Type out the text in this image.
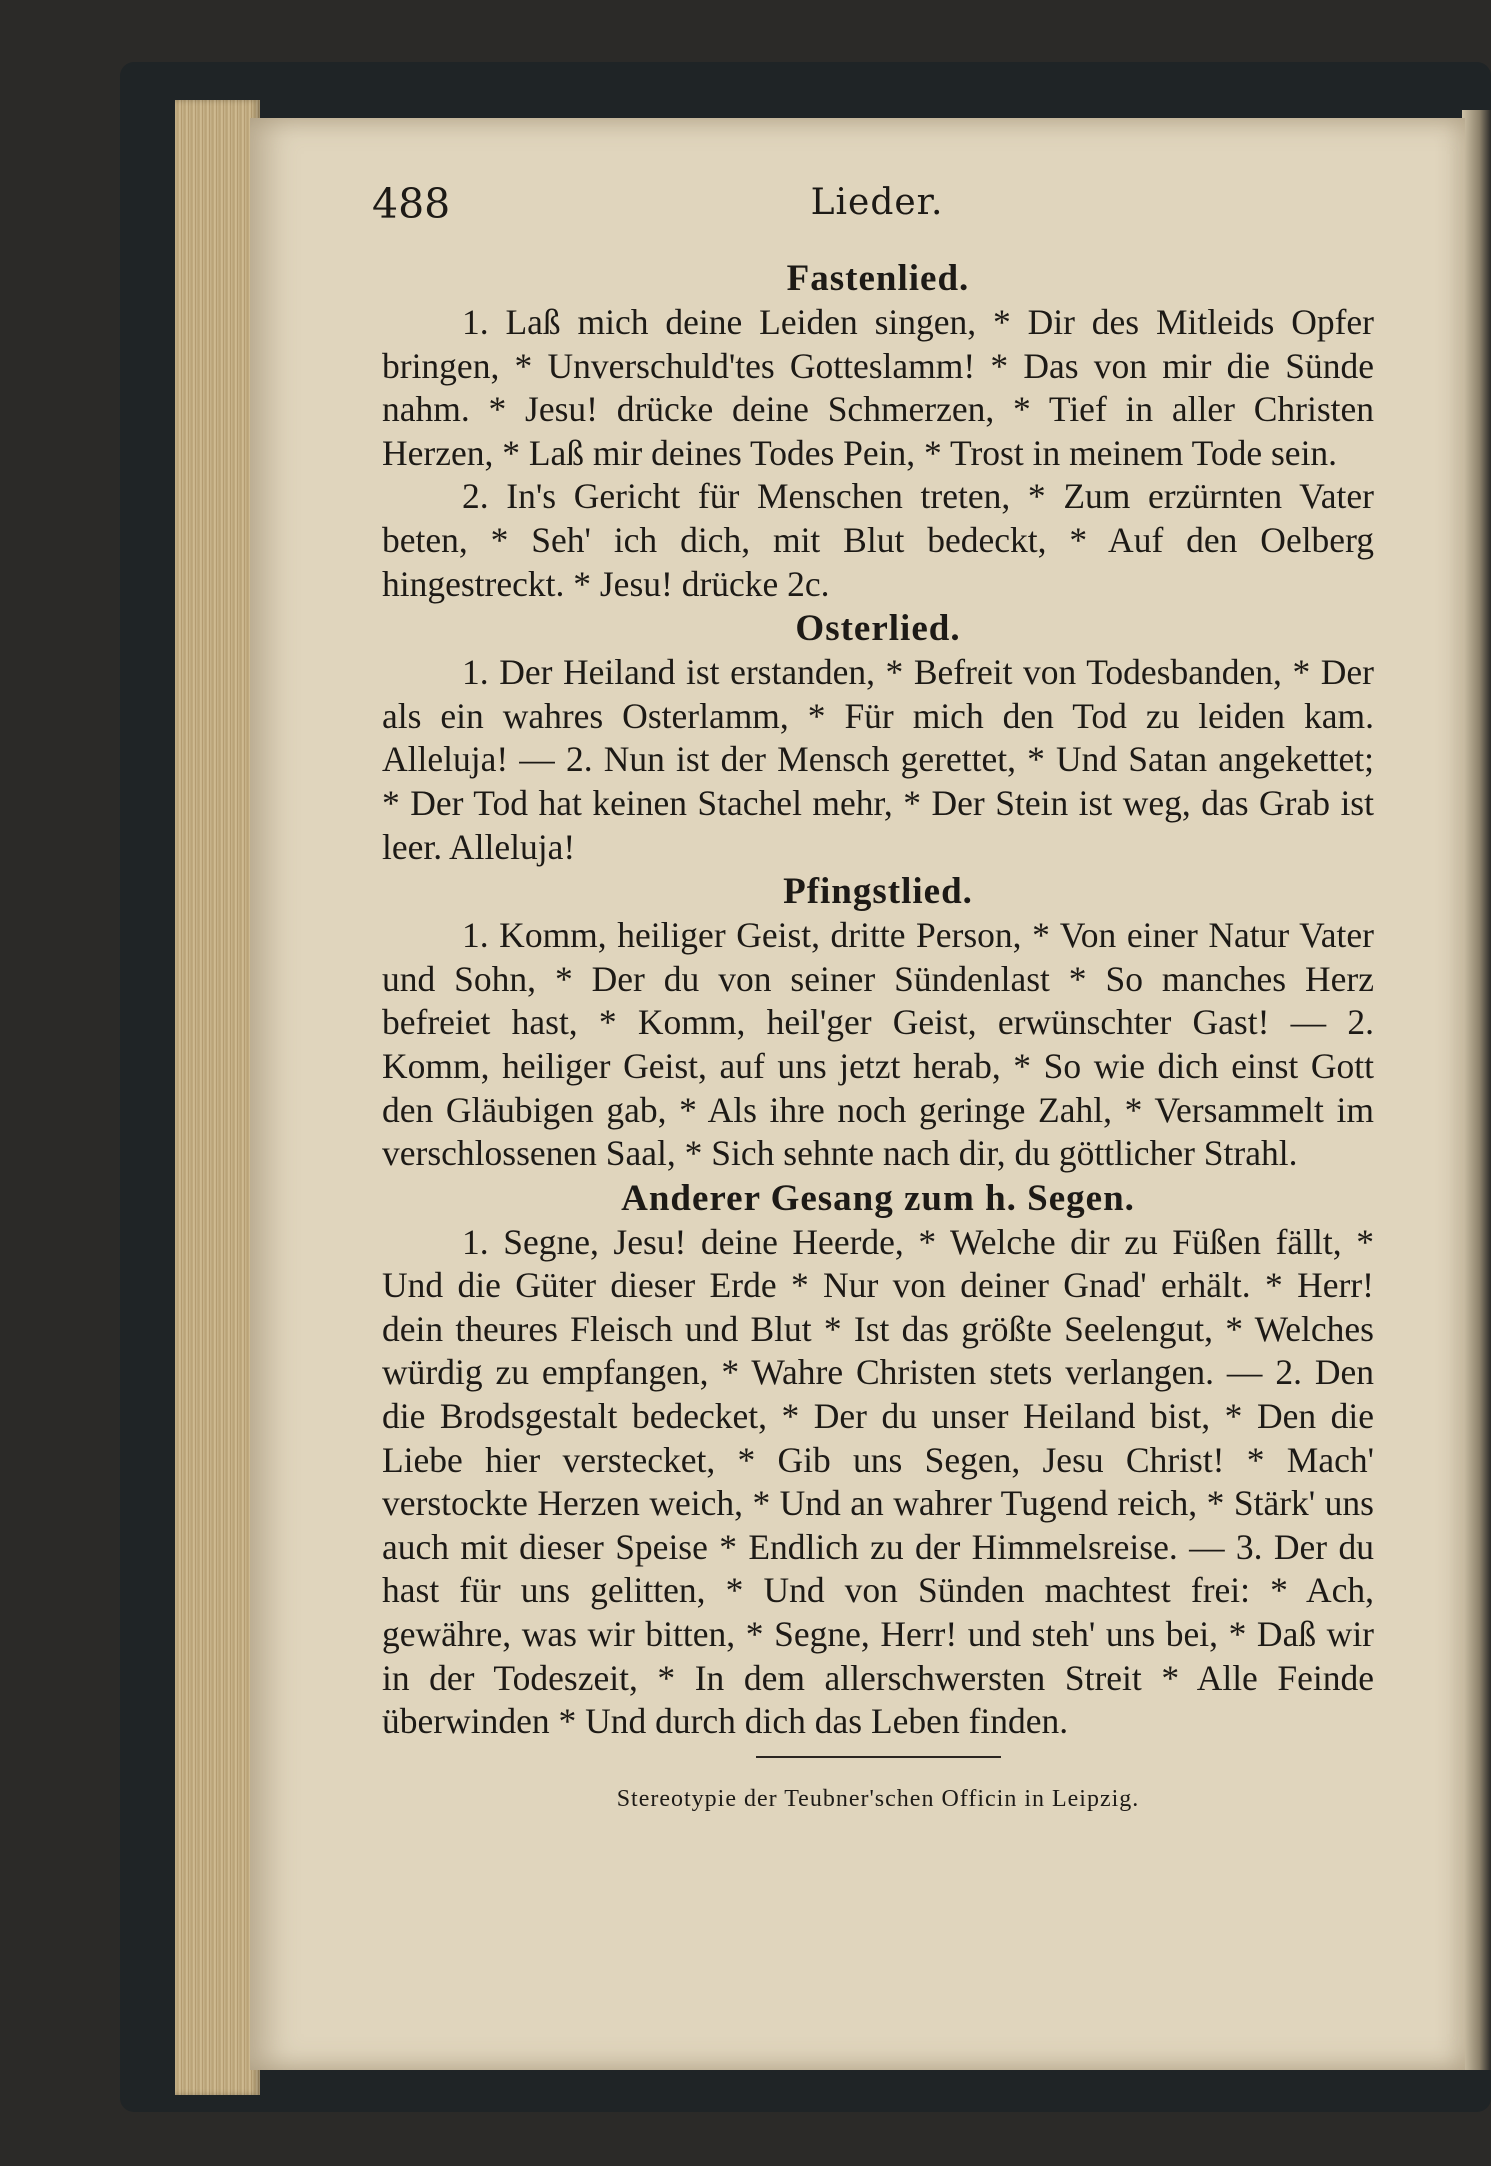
488	Lieder.
Fastenlied.

1. Laß mich deine Leiden singen, * Dir des Mitleids Opfer bringen, * Unverschuld'tes Gotteslamm! * Das von mir die Sünde nahm. * Jesu! drücke deine Schmerzen, * Tief in aller Christen Herzen, * Laß mir deines Todes Pein, * Trost in meinem Tode sein.

2. In's Gericht für Menschen treten, * Zum erzürnten Vater beten, * Seh' ich dich, mit Blut bedeckt, * Auf den Oelberg hingestreckt. * Jesu! drücke 2c.

Osterlied.

1. Der Heiland ist erstanden, * Befreit von Todesbanden, * Der als ein wahres Osterlamm, * Für mich den Tod zu leiden kam. Alleluja! — 2. Nun ist der Mensch gerettet, * Und Satan angekettet; * Der Tod hat keinen Stachel mehr, * Der Stein ist weg, das Grab ist leer. Alleluja!

Pfingstlied.

1. Komm, heiliger Geist, dritte Person, * Von einer Natur Vater und Sohn, * Der du von seiner Sündenlast * So manches Herz befreiet hast, * Komm, heil'ger Geist, erwünschter Gast! — 2. Komm, heiliger Geist, auf uns jetzt herab, * So wie dich einst Gott den Gläubigen gab, * Als ihre noch geringe Zahl, * Versammelt im verschlossenen Saal, * Sich sehnte nach dir, du göttlicher Strahl.

Anderer Gesang zum h. Segen.

1. Segne, Jesu! deine Heerde, * Welche dir zu Füßen fällt, * Und die Güter dieser Erde * Nur von deiner Gnad' erhält. * Herr! dein theures Fleisch und Blut * Ist das größte Seelengut, * Welches würdig zu empfangen, * Wahre Christen stets verlangen. — 2. Den die Brodsgestalt bedecket, * Der du unser Heiland bist, * Den die Liebe hier verstecket, * Gib uns Segen, Jesu Christ! * Mach' verstockte Herzen weich, * Und an wahrer Tugend reich, * Stärk' uns auch mit dieser Speise * Endlich zu der Himmelsreise. — 3. Der du hast für uns gelitten, * Und von Sünden machtest frei: * Ach, gewähre, was wir bitten, * Segne, Herr! und steh' uns bei, * Daß wir in der Todeszeit, * In dem allerschwersten Streit * Alle Feinde überwinden * Und durch dich das Leben finden.

Stereotypie der Teubner'schen Officin in Leipzig.
